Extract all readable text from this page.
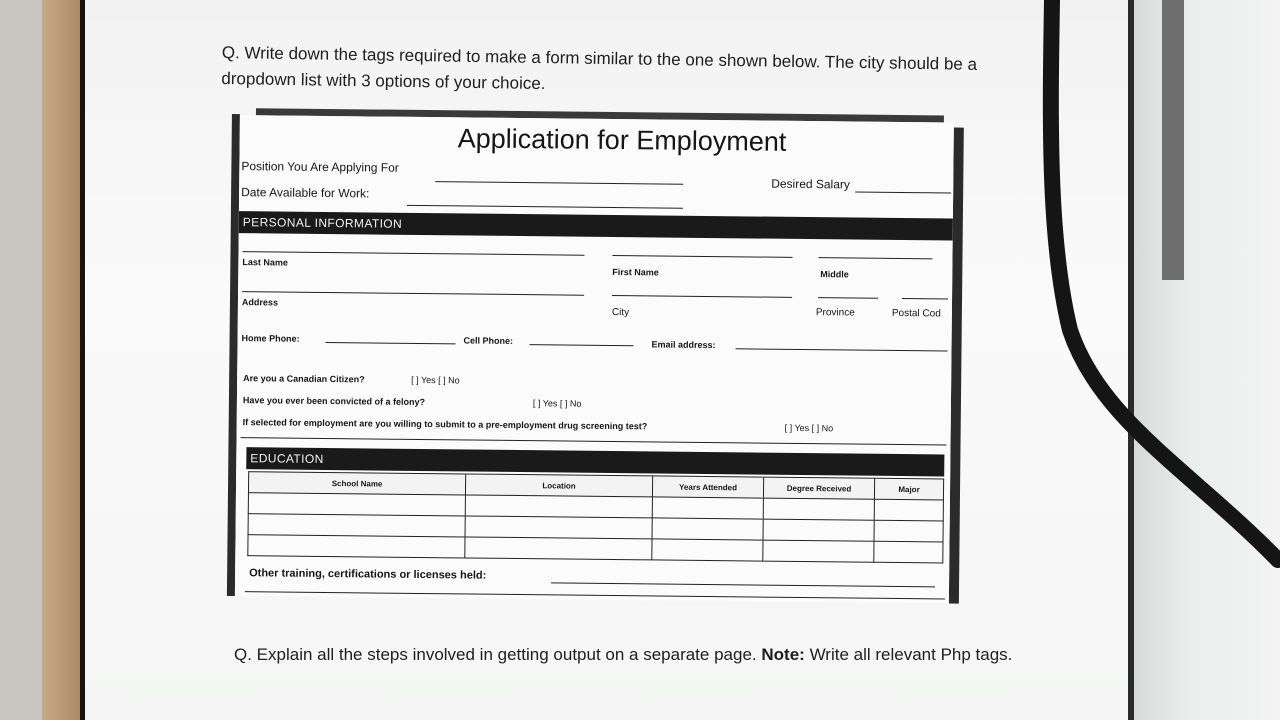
Q. Write down the tags required to make a form similar to the one shown below. The city should be a dropdown list with 3 options of your choice.
Application for Employment
Position You Are Applying For
Date Available for Work:
Desired Salary
PERSONAL INFORMATION
Last Name
First Name	Middle
Address
City	Province	Postal Cod
Home Phone:	Cell Phone:	Email address:
Are you a Canadian Citizen?	[ ] Yes [ ] No
Have you ever been convicted of a felony?	[ ] Yes [ ] No
If selected for employment are you willing to submit to a pre-employment drug screening test?	[ ] Yes [ ] No
EDUCATION
School Name	Location	Years Attended	Degree Received	Major

Other training, certifications or licenses held:
Q. Explain all the steps involved in getting output on a separate page. Note: Write all relevant Php tags.
